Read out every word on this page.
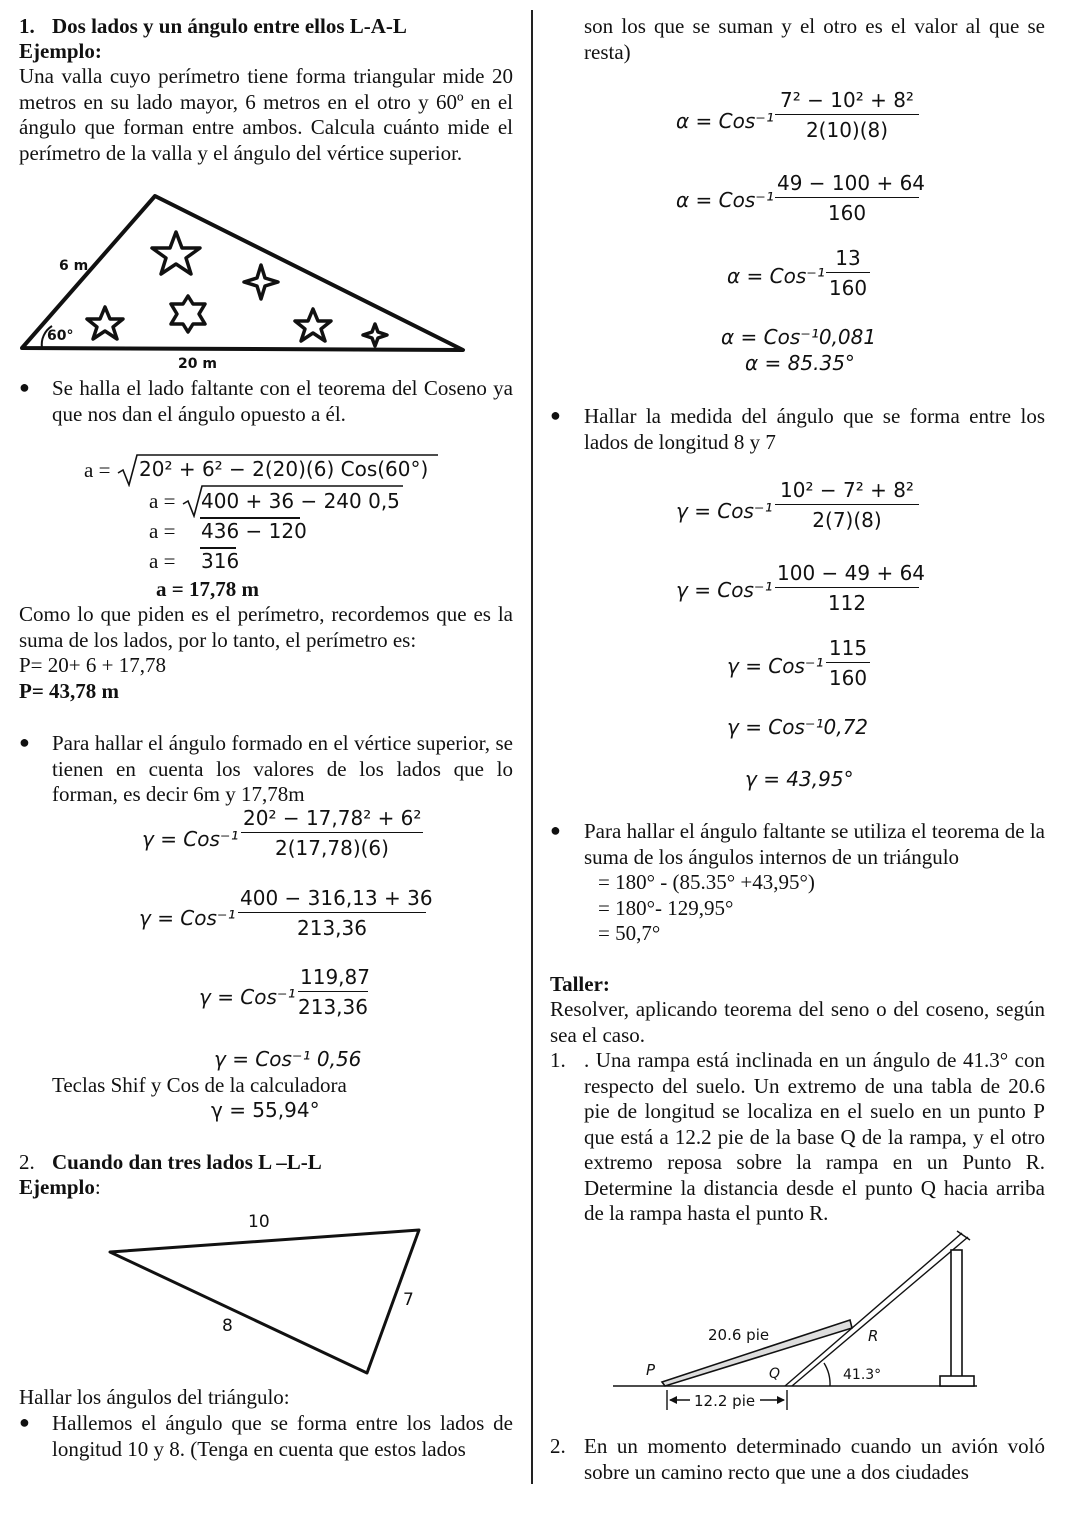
1. Dos lados y un ángulo entre ellos L-A-L
Ejemplo:
Una valla cuyo perímetro tiene forma triangular mide 20 metros en su lado mayor, 6 metros en el otro y 60º en el ángulo que forman entre ambos. Calcula cuánto mide el perímetro de la valla y el ángulo del vértice superior.
6 m
60°
20 m
● Se halla el lado faltante con el teorema del Coseno ya que nos dan el ángulo opuesto a él.
a = 20² + 6² − 2(20)(6) Cos(60°)
a = 400 + 36 − 240 0,5
a = 436 − 120
a = 316
a = 17,78 m
Como lo que piden es el perímetro, recordemos que es la suma de los lados, por lo tanto, el perímetro es:
P= 20+ 6 + 17,78
P= 43,78 m
● Para hallar el ángulo formado en el vértice superior, se tienen en cuenta los valores de los lados que lo forman, es decir 6m y 17,78m
$\gamma = Cos^{-1} \frac{\text{20² − 17,78² + 6²}}{2(17,78)(6)}$
$\gamma = Cos^{-1} \frac{400 - 316,13 + 36}{213,36}$
$\gamma = Cos^{-1} \frac{119,87}{213,36}$
γ = Cos⁻¹ 0,56
Teclas Shif y Cos de la calculadora
γ = 55,94°
2. Cuando dan tres lados L –L-L
Ejemplo:
10
8
7
Hallar los ángulos del triángulo:
● Hallemos el ángulo que se forma entre los lados de longitud 10 y 8. (Tenga en cuenta que estos lados
son los que se suman y el otro es el valor al que se resta)
$\alpha = Cos^{-1} \frac{\text{7² − 10² + 8²}}{2(10)(8)}$
$\alpha = Cos^{-1} \frac{49 - 100 + 64}{160}$
$\alpha = Cos^{-1} \frac{13}{160}$
α = Cos⁻¹0,081
α = 85.35°
● Hallar la medida del ángulo que se forma entre los lados de longitud 8 y 7
$\gamma = Cos^{-1} \frac{\text{10² − 7² + 8²}}{2(7)(8)}$
$\gamma = Cos^{-1} \frac{100 - 49 + 64}{112}$
$\gamma = Cos^{-1} \frac{115}{160}$
γ = Cos⁻¹0,72
γ = 43,95°
● Para hallar el ángulo faltante se utiliza el teorema de la suma de los ángulos internos de un triángulo
= 180° - (85.35° +43,95°)
= 180°- 129,95°
= 50,7°
Taller:
Resolver, aplicando teorema del seno o del coseno, según sea el caso.
1. . Una rampa está inclinada en un ángulo de 41.3° con respecto del suelo. Un extremo de una tabla de 20.6 pie de longitud se localiza en el suelo en un punto P que está a 12.2 pie de la base Q de la rampa, y el otro extremo reposa sobre la rampa en un Punto R. Determine la distancia desde el punto Q hacia arriba de la rampa hasta el punto R.
20.6 pie	R
P	Q	41.3°
12.2 pie
2. En un momento determinado cuando un avión voló sobre un camino recto que une a dos ciudades
